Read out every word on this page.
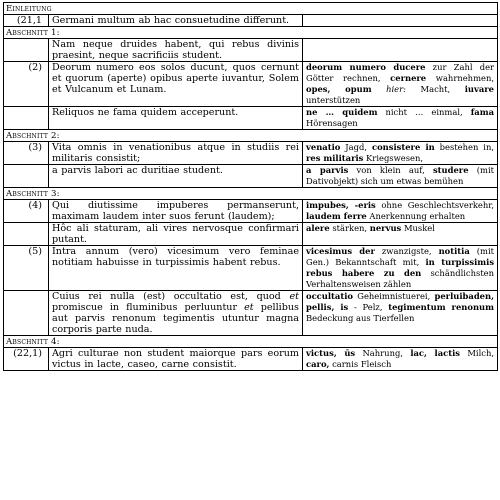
Einleitung		
(21,1	Germani multum ab hac consuetudine differunt.	
Abschnitt 1:		
	Nam neque druides habent, qui rebus divinis praesint, neque sacrificiis student.	
(2)	Deorum numero eos solos ducunt, quos cernunt et quorum (aperte) opibus aperte iuvantur, Solem et Vulcanum et Lunam.	deorum numero ducere zur Zahl der Götter rechnen, cernere wahrnehmen, opes, opum hier: Macht, iuvare unterstützen
	Reliquos ne fama quidem acceperunt.	ne … quidem nicht … einmal, fama Hörensagen
Abschnitt 2:		
(3)	Vita omnis in venationibus atque in studiis rei militaris consistit;	venatio Jagd, consistere in bestehen in, res militaris Kriegswesen,
	a parvis labori ac duritiae student.	a parvis von klein auf, studere (mit Dativobjekt) sich um etwas bemühen
Abschnitt 3:		
(4)	Qui diutissime impuberes permanserunt, maximam laudem inter suos ferunt (laudem);	impubes, -eris ohne Geschlechtsverkehr, laudem ferre Anerkennung erhalten
	Hôc ali staturam, ali vires nervosque confirmari putant.	alere stärken, nervus Muskel
(5)	Intra annum (vero) vicesimum vero feminae notitiam habuisse in turpissimis habent rebus.	vicesimus der zwanzigste, notitia (mit Gen.) Bekanntschaft mit, in turpissimis rebus habere zu den schändlichsten Verhaltensweisen zählen
	Cuius rei nulla (est) occultatio est, quod et promiscue in fluminibus perluuntur et pellibus aut parvis renonum tegimentis utuntur magna corporis parte nuda.	occultatio Geheimnistuerei, perluibaden, pellis, is - Pelz, tegimentum renonum Bedeckung aus Tierfellen
Abschnitt 4:		
(22,1)	Agri culturae non student maiorque pars eorum victus in lacte, caseo, carne consistit.	victus, ūs Nahrung, lac, lactis Milch, caro, carnis Fleisch
